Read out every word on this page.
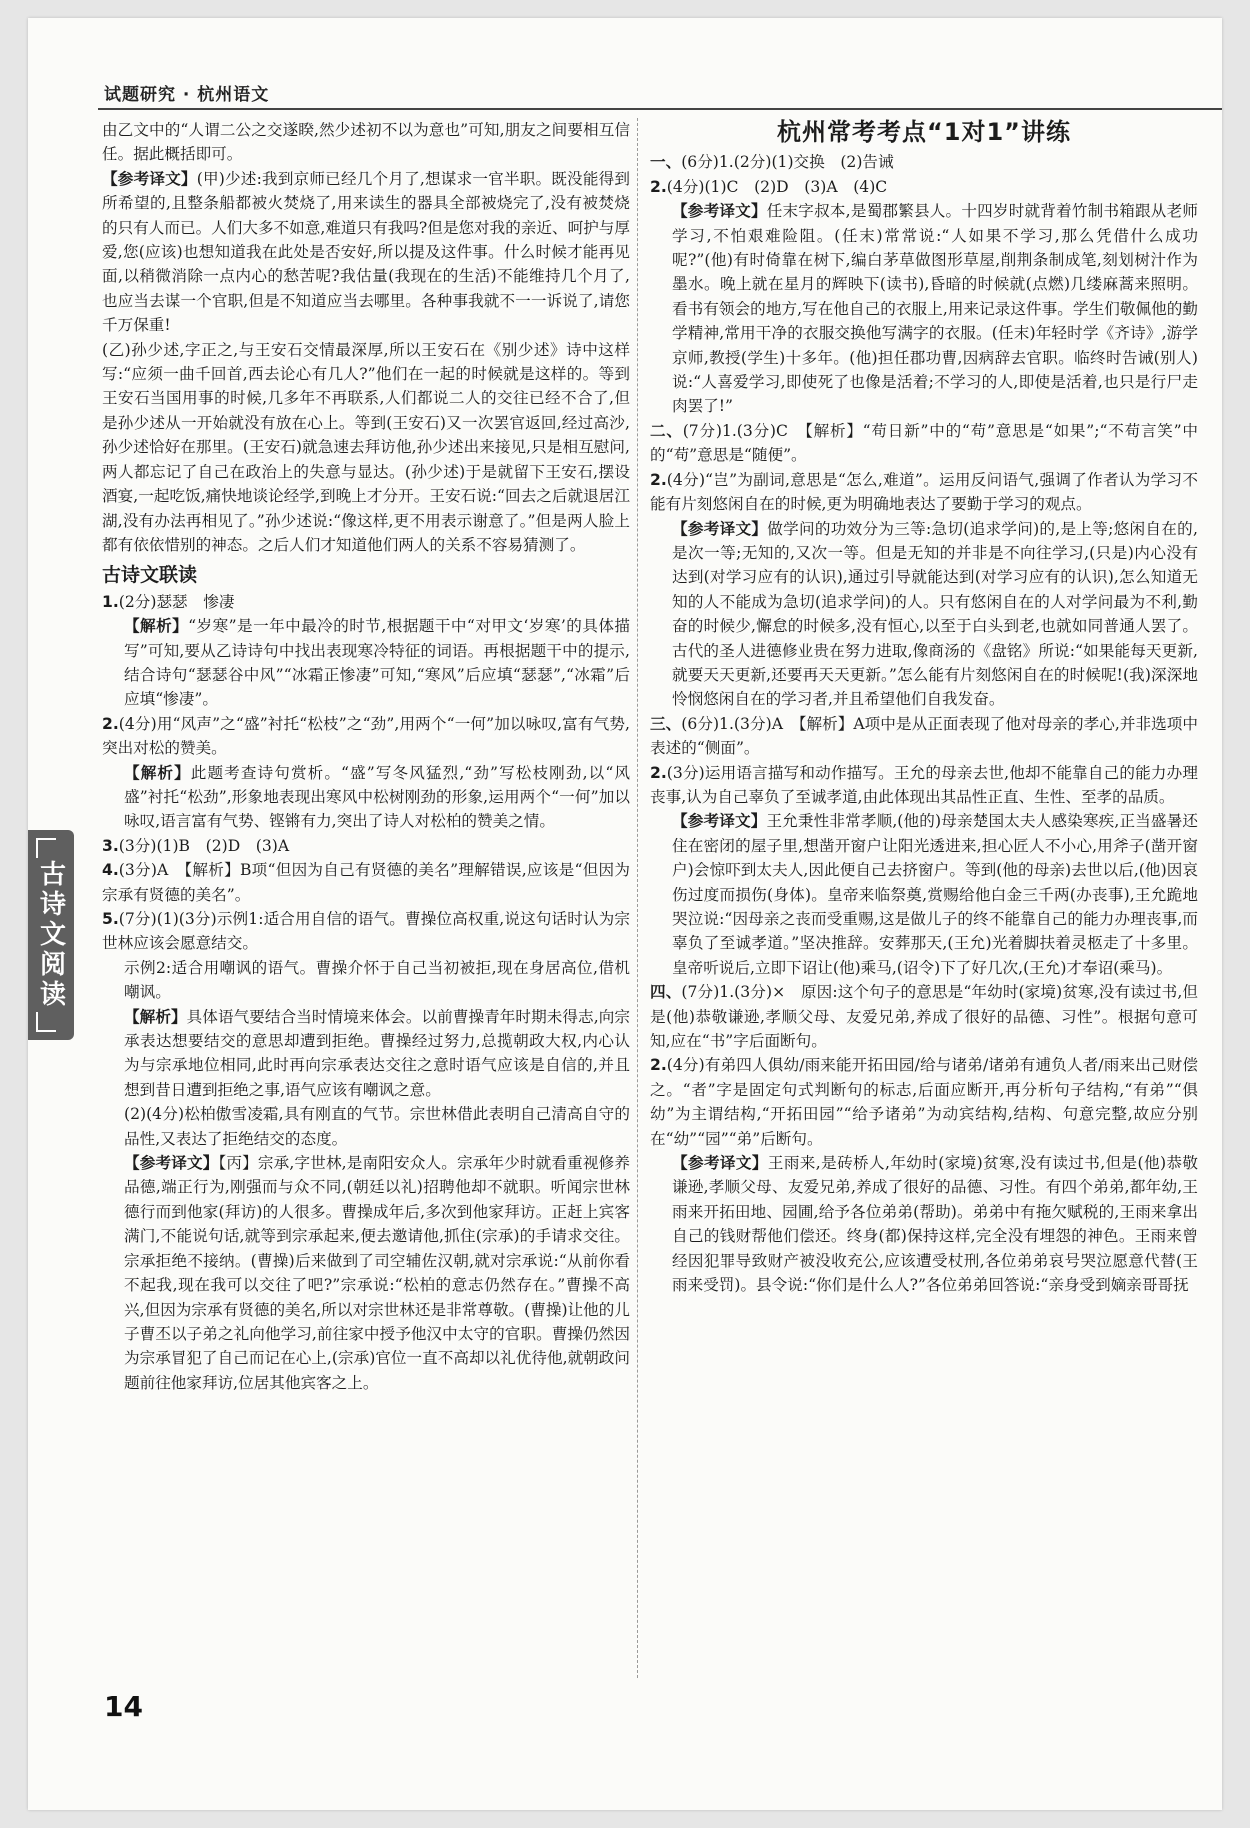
试题研究 · 杭州语文
古诗文阅读

由乙文中的“人谓二公之交遂睽,然少述初不以为意也”可知,朋友之间要相互信任。据此概括即可。

【参考译文】(甲)少述:我到京师已经几个月了,想谋求一官半职。既没能得到所希望的,且整条船都被火焚烧了,用来读生的器具全部被烧完了,没有被焚烧的只有人而已。人们大多不如意,难道只有我吗?但是您对我的亲近、呵护与厚爱,您(应该)也想知道我在此处是否安好,所以提及这件事。什么时候才能再见面,以稍微消除一点内心的愁苦呢?我估量(我现在的生活)不能维持几个月了,也应当去谋一个官职,但是不知道应当去哪里。各种事我就不一一诉说了,请您千万保重!

(乙)孙少述,字正之,与王安石交情最深厚,所以王安石在《别少述》诗中这样写:“应须一曲千回首,西去论心有几人?”他们在一起的时候就是这样的。等到王安石当国用事的时候,几多年不再联系,人们都说二人的交往已经不合了,但是孙少述从一开始就没有放在心上。等到(王安石)又一次罢官返回,经过高沙,孙少述恰好在那里。(王安石)就急速去拜访他,孙少述出来接见,只是相互慰问,两人都忘记了自己在政治上的失意与显达。(孙少述)于是就留下王安石,摆设酒宴,一起吃饭,痛快地谈论经学,到晚上才分开。王安石说:“回去之后就退居江湖,没有办法再相见了。”孙少述说:“像这样,更不用表示谢意了。”但是两人脸上都有依依惜别的神态。之后人们才知道他们两人的关系不容易猜测了。

古诗文联读

1.(2分)瑟瑟　惨凄

【解析】“岁寒”是一年中最冷的时节,根据题干中“对甲文‘岁寒’的具体描写”可知,要从乙诗诗句中找出表现寒冷特征的词语。再根据题干中的提示,结合诗句“瑟瑟谷中风”“冰霜正惨凄”可知,“寒风”后应填“瑟瑟”,“冰霜”后应填“惨凄”。

2.(4分)用“风声”之“盛”衬托“松枝”之“劲”,用两个“一何”加以咏叹,富有气势,突出对松的赞美。

【解析】此题考查诗句赏析。“盛”写冬风猛烈,“劲”写松枝刚劲,以“风盛”衬托“松劲”,形象地表现出寒风中松树刚劲的形象,运用两个“一何”加以咏叹,语言富有气势、铿锵有力,突出了诗人对松柏的赞美之情。

3.(3分)(1)B　(2)D　(3)A

4.(3分)A　【解析】B项“但因为自己有贤德的美名”理解错误,应该是“但因为宗承有贤德的美名”。

5.(7分)(1)(3分)示例1:适合用自信的语气。曹操位高权重,说这句话时认为宗世林应该会愿意结交。

示例2:适合用嘲讽的语气。曹操介怀于自己当初被拒,现在身居高位,借机嘲讽。

【解析】具体语气要结合当时情境来体会。以前曹操青年时期未得志,向宗承表达想要结交的意思却遭到拒绝。曹操经过努力,总揽朝政大权,内心认为与宗承地位相同,此时再向宗承表达交往之意时语气应该是自信的,并且想到昔日遭到拒绝之事,语气应该有嘲讽之意。

(2)(4分)松柏傲雪凌霜,具有刚直的气节。宗世林借此表明自己清高自守的品性,又表达了拒绝结交的态度。

【参考译文】【丙】宗承,字世林,是南阳安众人。宗承年少时就看重视修养品德,端正行为,刚强而与众不同,(朝廷以礼)招聘他却不就职。听闻宗世林德行而到他家(拜访)的人很多。曹操成年后,多次到他家拜访。正赶上宾客满门,不能说句话,就等到宗承起来,便去邀请他,抓住(宗承)的手请求交往。宗承拒绝不接纳。(曹操)后来做到了司空辅佐汉朝,就对宗承说:“从前你看不起我,现在我可以交往了吧?”宗承说:“松柏的意志仍然存在。”曹操不高兴,但因为宗承有贤德的美名,所以对宗世林还是非常尊敬。(曹操)让他的儿子曹丕以子弟之礼向他学习,前往家中授予他汉中太守的官职。曹操仍然因为宗承冒犯了自己而记在心上,(宗承)官位一直不高却以礼优待他,就朝政问题前往他家拜访,位居其他宾客之上。

杭州常考考点“1对1”讲练

一、(6分)1.(2分)(1)交换　(2)告诫

2.(4分)(1)C　(2)D　(3)A　(4)C

【参考译文】任末字叔本,是蜀郡繁县人。十四岁时就背着竹制书箱跟从老师学习,不怕艰难险阻。(任末)常常说:“人如果不学习,那么凭借什么成功呢?”(他)有时倚靠在树下,编白茅草做图形草屋,削荆条制成笔,刻划树汁作为墨水。晚上就在星月的辉映下(读书),昏暗的时候就(点燃)几缕麻蒿来照明。看书有领会的地方,写在他自己的衣服上,用来记录这件事。学生们敬佩他的勤学精神,常用干净的衣服交换他写满字的衣服。(任末)年轻时学《齐诗》,游学京师,教授(学生)十多年。(他)担任郡功曹,因病辞去官职。临终时告诫(别人)说:“人喜爱学习,即使死了也像是活着;不学习的人,即使是活着,也只是行尸走肉罢了!”

二、(7分)1.(3分)C　【解析】“苟日新”中的“苟”意思是“如果”;“不苟言笑”中的“苟”意思是“随便”。

2.(4分)“岂”为副词,意思是“怎么,难道”。运用反问语气,强调了作者认为学习不能有片刻悠闲自在的时候,更为明确地表达了要勤于学习的观点。

【参考译文】做学问的功效分为三等:急切(追求学问)的,是上等;悠闲自在的,是次一等;无知的,又次一等。但是无知的并非是不向往学习,(只是)内心没有达到(对学习应有的认识),通过引导就能达到(对学习应有的认识),怎么知道无知的人不能成为急切(追求学问)的人。只有悠闲自在的人对学问最为不利,勤奋的时候少,懈怠的时候多,没有恒心,以至于白头到老,也就如同普通人罢了。古代的圣人进德修业贵在努力进取,像商汤的《盘铭》所说:“如果能每天更新,就要天天更新,还要再天天更新。”怎么能有片刻悠闲自在的时候呢!(我)深深地怜悯悠闲自在的学习者,并且希望他们自我发奋。

三、(6分)1.(3分)A　【解析】A项中是从正面表现了他对母亲的孝心,并非选项中表述的“侧面”。

2.(3分)运用语言描写和动作描写。王允的母亲去世,他却不能靠自己的能力办理丧事,认为自己辜负了至诚孝道,由此体现出其品性正直、生性、至孝的品质。

【参考译文】王允秉性非常孝顺,(他的)母亲楚国太夫人感染寒疾,正当盛暑还住在密闭的屋子里,想凿开窗户让阳光透进来,担心匠人不小心,用斧子(凿开窗户)会惊吓到太夫人,因此便自己去挤窗户。等到(他的母亲)去世以后,(他)因哀伤过度而损伤(身体)。皇帝来临祭奠,赏赐给他白金三千两(办丧事),王允跪地哭泣说:“因母亲之丧而受重赐,这是做儿子的终不能靠自己的能力办理丧事,而辜负了至诚孝道。”坚决推辞。安葬那天,(王允)光着脚扶着灵柩走了十多里。皇帝听说后,立即下诏让(他)乘马,(诏令)下了好几次,(王允)才奉诏(乘马)。

四、(7分)1.(3分)×　原因:这个句子的意思是“年幼时(家境)贫寒,没有读过书,但是(他)恭敬谦逊,孝顺父母、友爱兄弟,养成了很好的品德、习性”。根据句意可知,应在“书”字后面断句。

2.(4分)有弟四人俱幼/雨来能开拓田园/给与诸弟/诸弟有逋负人者/雨来出己财偿之。“者”字是固定句式判断句的标志,后面应断开,再分析句子结构,“有弟”“俱幼”为主谓结构,“开拓田园”“给予诸弟”为动宾结构,结构、句意完整,故应分别在“幼”“园”“弟”后断句。

【参考译文】王雨来,是砖桥人,年幼时(家境)贫寒,没有读过书,但是(他)恭敬谦逊,孝顺父母、友爱兄弟,养成了很好的品德、习性。有四个弟弟,都年幼,王雨来开拓田地、园圃,给予各位弟弟(帮助)。弟弟中有拖欠赋税的,王雨来拿出自己的钱财帮他们偿还。终身(都)保持这样,完全没有埋怨的神色。王雨来曾经因犯罪导致财产被没收充公,应该遭受杖刑,各位弟弟哀号哭泣愿意代替(王雨来受罚)。县令说:“你们是什么人?”各位弟弟回答说:“亲身受到嫡亲哥哥抚

14
